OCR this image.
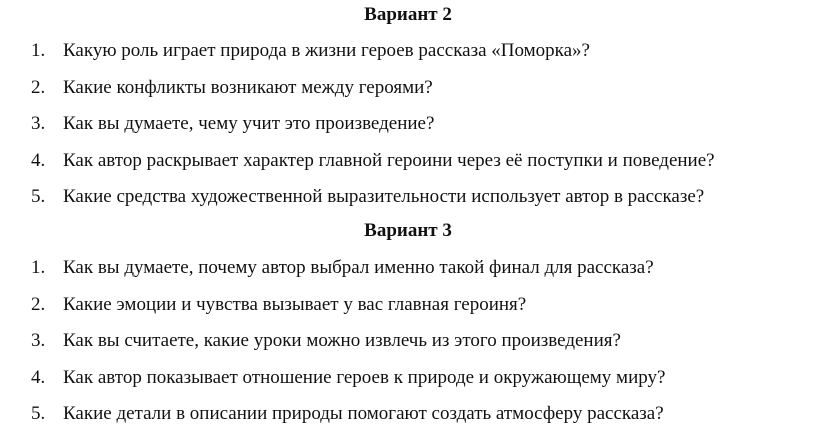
Вариант 2
1. Какую роль играет природа в жизни героев рассказа «Поморка»?
2. Какие конфликты возникают между героями?
3. Как вы думаете, чему учит это произведение?
4. Как автор раскрывает характер главной героини через её поступки и поведение?
5. Какие средства художественной выразительности использует автор в рассказе?
Вариант 3
1. Как вы думаете, почему автор выбрал именно такой финал для рассказа?
2. Какие эмоции и чувства вызывает у вас главная героиня?
3. Как вы считаете, какие уроки можно извлечь из этого произведения?
4. Как автор показывает отношение героев к природе и окружающему миру?
5. Какие детали в описании природы помогают создать атмосферу рассказа?
